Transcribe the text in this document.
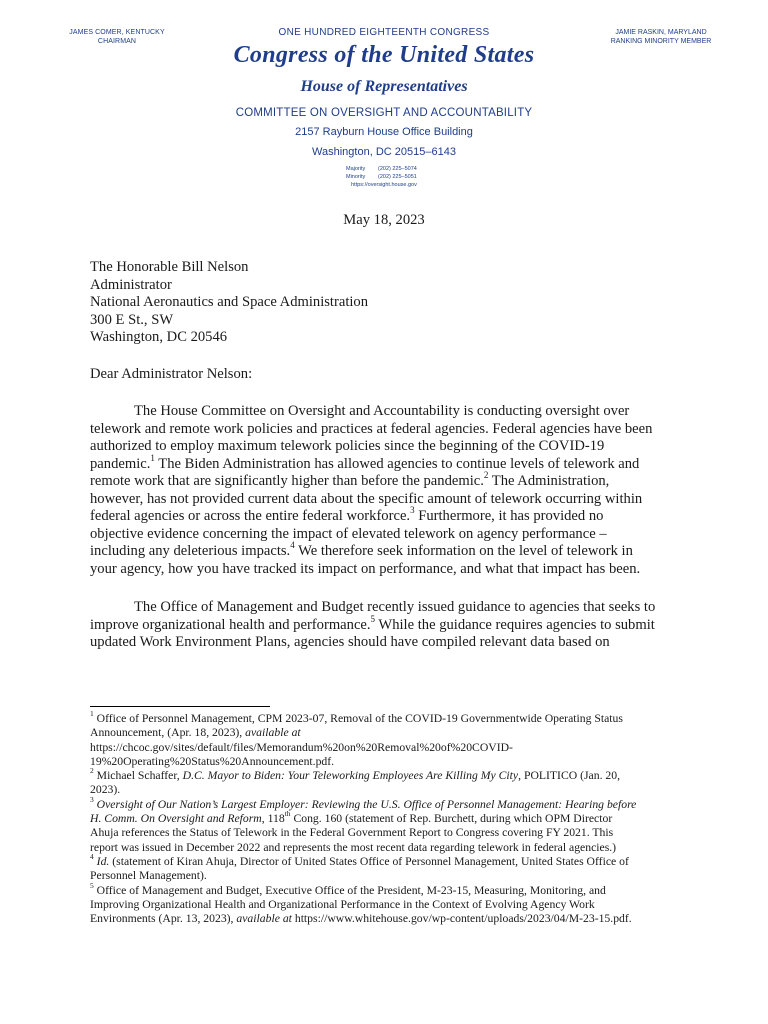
JAMES COMER, KENTUCKY
CHAIRMAN
JAMIE RASKIN, MARYLAND
RANKING MINORITY MEMBER
ONE HUNDRED EIGHTEENTH CONGRESS
Congress of the United States
House of Representatives
COMMITTEE ON OVERSIGHT AND ACCOUNTABILITY
2157 Rayburn House Office Building
Washington, DC 20515–6143
Majority (202) 225–5074
Minority (202) 225–5051
https://oversight.house.gov
May 18, 2023
The Honorable Bill Nelson
Administrator
National Aeronautics and Space Administration
300 E St., SW
Washington, DC 20546
Dear Administrator Nelson:
The House Committee on Oversight and Accountability is conducting oversight over
telework and remote work policies and practices at federal agencies. Federal agencies have been
authorized to employ maximum telework policies since the beginning of the COVID-19
pandemic.$^1$ The Biden Administration has allowed agencies to continue levels of telework and
remote work that are significantly higher than before the pandemic.$^2$ The Administration,
however, has not provided current data about the specific amount of telework occurring within
federal agencies or across the entire federal workforce.$^3$ Furthermore, it has provided no
objective evidence concerning the impact of elevated telework on agency performance –
including any deleterious impacts.$^4$ We therefore seek information on the level of telework in
your agency, how you have tracked its impact on performance, and what that impact has been.
The Office of Management and Budget recently issued guidance to agencies that seeks to
improve organizational health and performance.$^5$ While the guidance requires agencies to submit
updated Work Environment Plans, agencies should have compiled relevant data based on
$^1$ Office of Personnel Management, CPM 2023-07, Removal of the COVID-19 Governmentwide Operating Status
Announcement, (Apr. 18, 2023), available at
https://chcoc.gov/sites/default/files/Memorandum%20on%20Removal%20of%20COVID-
19%20Operating%20Status%20Announcement.pdf.
$^2$ Michael Schaffer, D.C. Mayor to Biden: Your Teleworking Employees Are Killing My City, POLITICO (Jan. 20,
2023).
$^3$ Oversight of Our Nation’s Largest Employer: Reviewing the U.S. Office of Personnel Management: Hearing before
H. Comm. On Oversight and Reform, 118th Cong. 160 (statement of Rep. Burchett, during which OPM Director
Ahuja references the Status of Telework in the Federal Government Report to Congress covering FY 2021. This
report was issued in December 2022 and represents the most recent data regarding telework in federal agencies.)
$^4$ Id. (statement of Kiran Ahuja, Director of United States Office of Personnel Management, United States Office of
Personnel Management).
$^5$ Office of Management and Budget, Executive Office of the President, M-23-15, Measuring, Monitoring, and
Improving Organizational Health and Organizational Performance in the Context of Evolving Agency Work
Environments (Apr. 13, 2023), available at https://www.whitehouse.gov/wp-content/uploads/2023/04/M-23-15.pdf.
